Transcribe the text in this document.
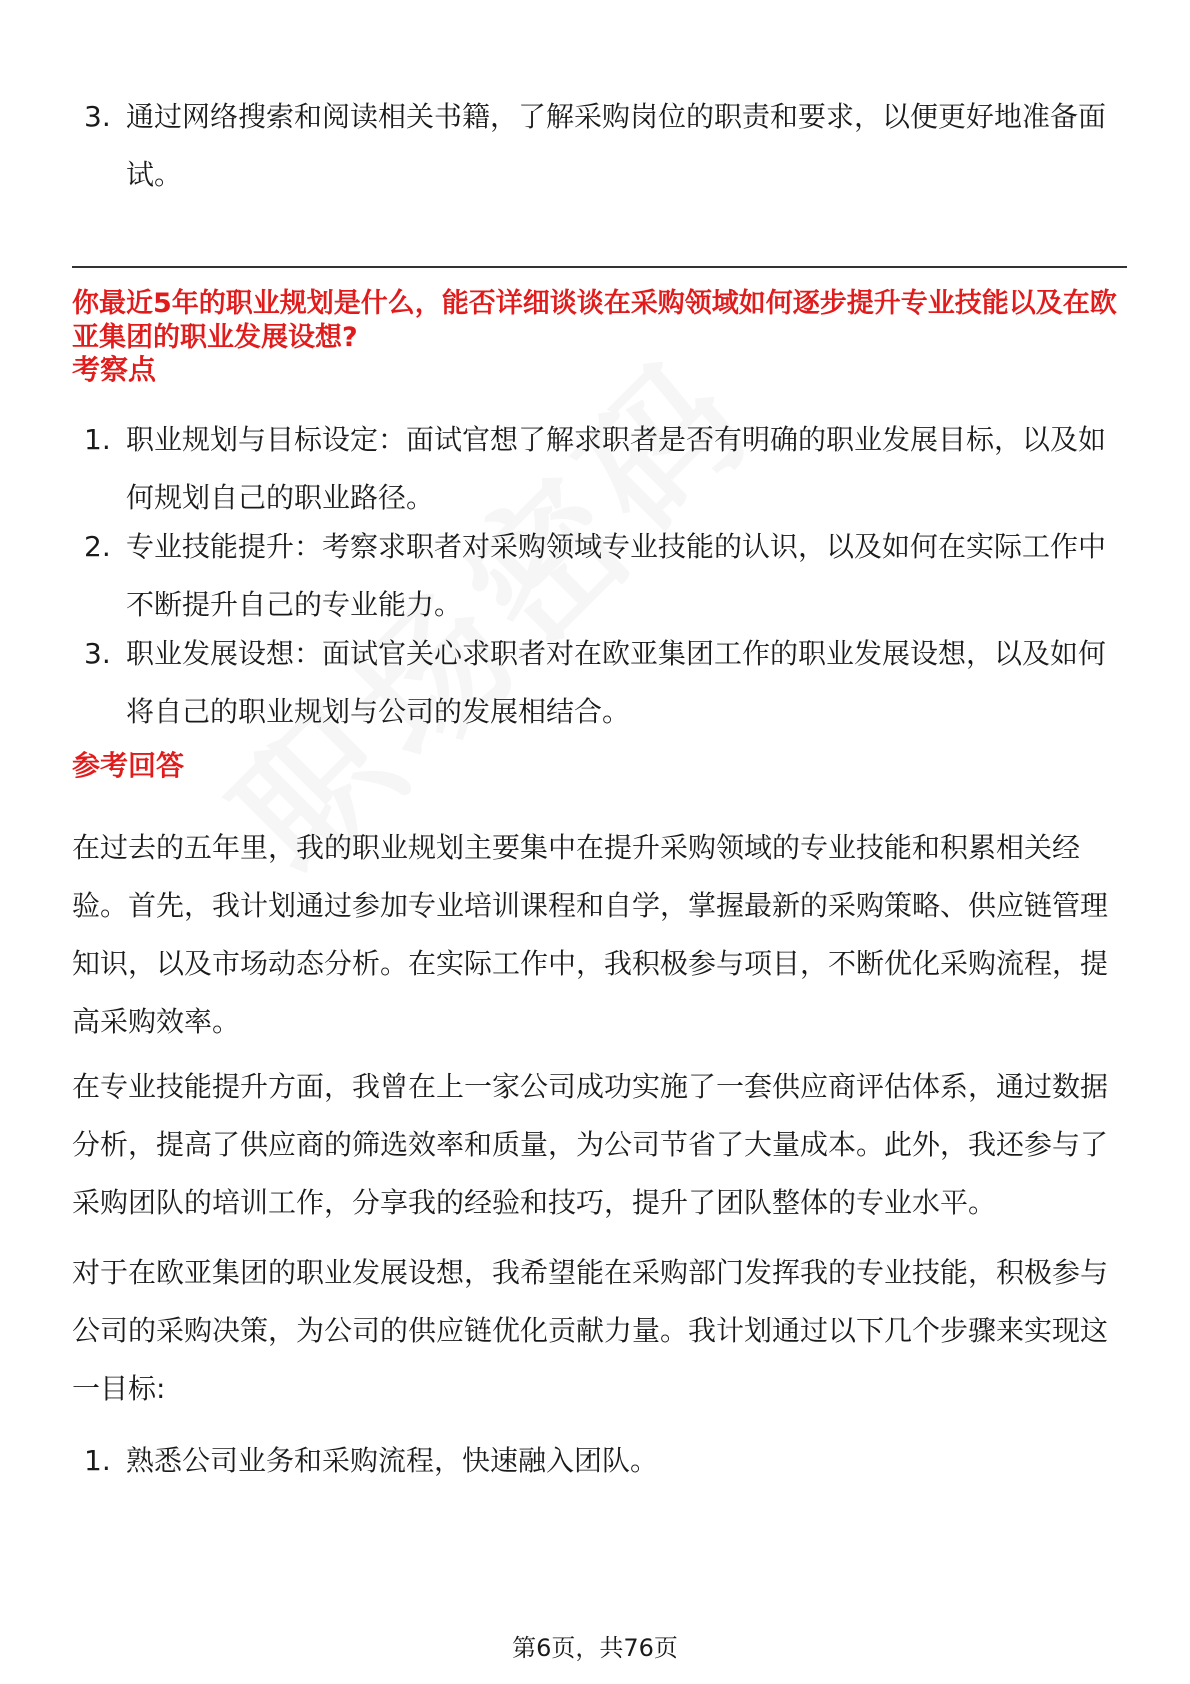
3. 通过网络搜索和阅读相关书籍，了解采购岗位的职责和要求，以便更好地准备面试。
你最近5年的职业规划是什么，能否详细谈谈在采购领域如何逐步提升专业技能以及在欧亚集团的职业发展设想?
考察点
1. 职业规划与目标设定：面试官想了解求职者是否有明确的职业发展目标，以及如何规划自己的职业路径。
2. 专业技能提升：考察求职者对采购领域专业技能的认识，以及如何在实际工作中不断提升自己的专业能力。
3. 职业发展设想：面试官关心求职者对在欧亚集团工作的职业发展设想，以及如何将自己的职业规划与公司的发展相结合。
参考回答
在过去的五年里，我的职业规划主要集中在提升采购领域的专业技能和积累相关经验。首先，我计划通过参加专业培训课程和自学，掌握最新的采购策略、供应链管理知识，以及市场动态分析。在实际工作中，我积极参与项目，不断优化采购流程，提高采购效率。
在专业技能提升方面，我曾在上一家公司成功实施了一套供应商评估体系，通过数据分析，提高了供应商的筛选效率和质量，为公司节省了大量成本。此外，我还参与了采购团队的培训工作，分享我的经验和技巧，提升了团队整体的专业水平。
对于在欧亚集团的职业发展设想，我希望能在采购部门发挥我的专业技能，积极参与公司的采购决策，为公司的供应链优化贡献力量。我计划通过以下几个步骤来实现这一目标:
1. 熟悉公司业务和采购流程，快速融入团队。
第6页，共76页
